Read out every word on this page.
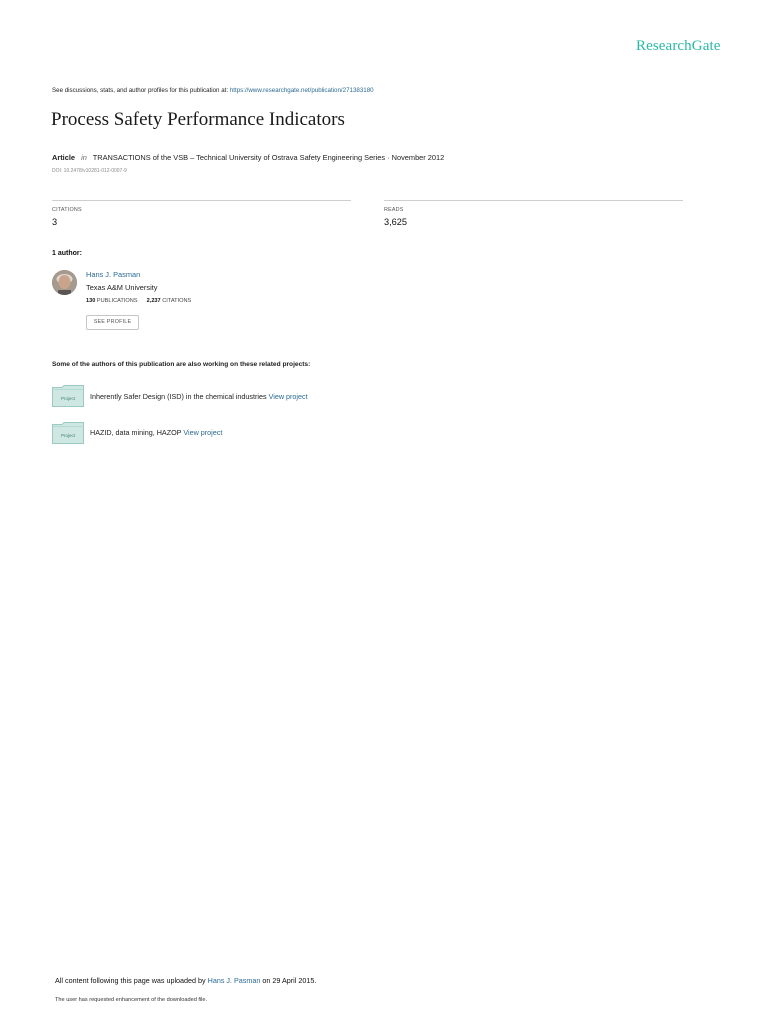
ResearchGate
See discussions, stats, and author profiles for this publication at: https://www.researchgate.net/publication/271383180
Process Safety Performance Indicators
Article in TRANSACTIONS of the VSB – Technical University of Ostrava Safety Engineering Series · November 2012
DOI: 10.2478/v10281-012-0007-9
CITATIONS
3
READS
3,625
1 author:
Hans J. Pasman
Texas A&M University
130 PUBLICATIONS 2,237 CITATIONS
SEE PROFILE
Some of the authors of this publication are also working on these related projects:
Project Inherently Safer Design (ISD) in the chemical industries View project
Project HAZID, data mining, HAZOP View project
All content following this page was uploaded by Hans J. Pasman on 29 April 2015.
The user has requested enhancement of the downloaded file.
